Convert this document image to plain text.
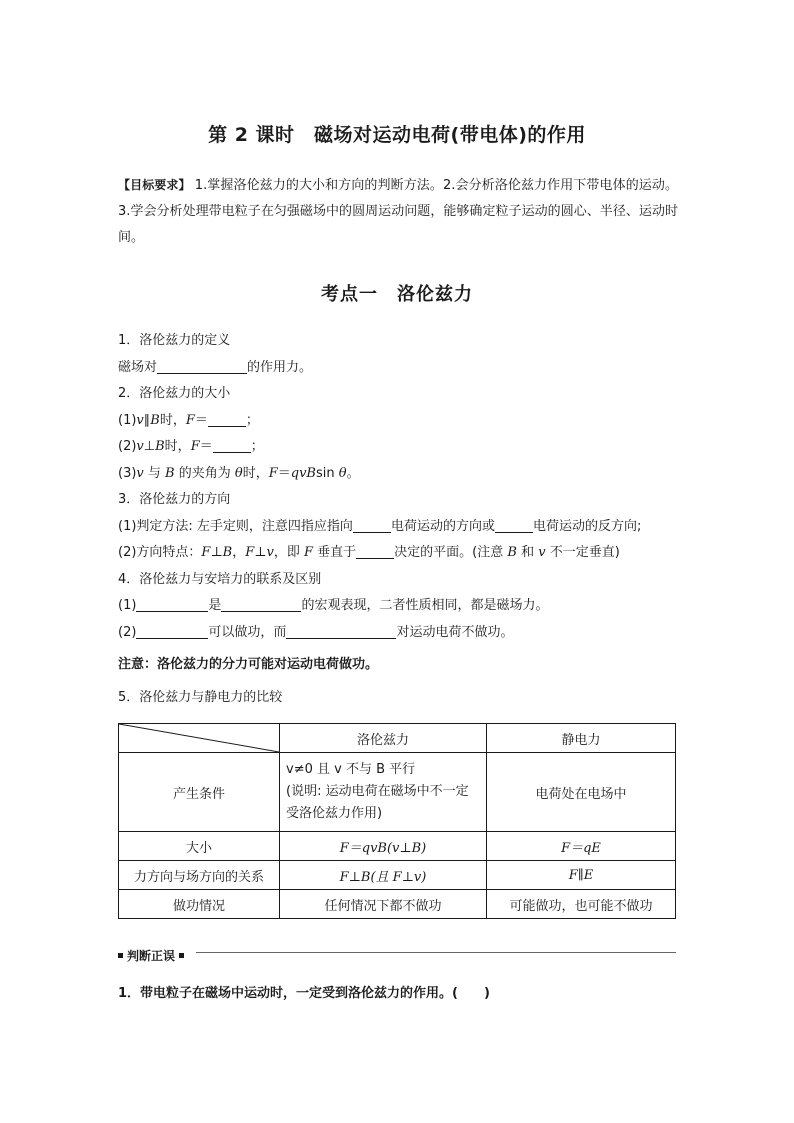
第 2 课时　磁场对运动电荷(带电体)的作用
【目标要求】 1.掌握洛伦兹力的大小和方向的判断方法。2.会分析洛伦兹力作用下带电体的运动。3.学会分析处理带电粒子在匀强磁场中的圆周运动问题，能够确定粒子运动的圆心、半径、运动时间。
考点一　洛伦兹力
1．洛伦兹力的定义
磁场对	的作用力。
2．洛伦兹力的大小
(1)v∥B时，F＝	；
(2)v⊥B时，F＝	；
(3)v 与 B 的夹角为 θ时，F＝qvBsin θ。
3．洛伦兹力的方向
(1)判定方法: 左手定则，注意四指应指向	电荷运动的方向或	电荷运动的反方向;
(2)方向特点：F⊥B，F⊥v，即 F 垂直于	决定的平面。(注意 B 和 v 不一定垂直)
4．洛伦兹力与安培力的联系及区别
(1)	是	的宏观表现，二者性质相同，都是磁场力。
(2)	可以做功，而	对运动电荷不做功。
注意：洛伦兹力的分力可能对运动电荷做功。
5．洛伦兹力与静电力的比较
	洛伦兹力	静电力
产生条件	v≠0 且 v 不与 B 平行
(说明: 运动电荷在磁场中不一定
受洛伦兹力作用)	电荷处在电场中
大小	F＝qvB(v⊥B)	F＝qE
力方向与场方向的关系	F⊥B(且 F⊥v)	F∥E
做功情况	任何情况下都不做功	可能做功，也可能不做功
判断正误
1．带电粒子在磁场中运动时，一定受到洛伦兹力的作用。(　　)
